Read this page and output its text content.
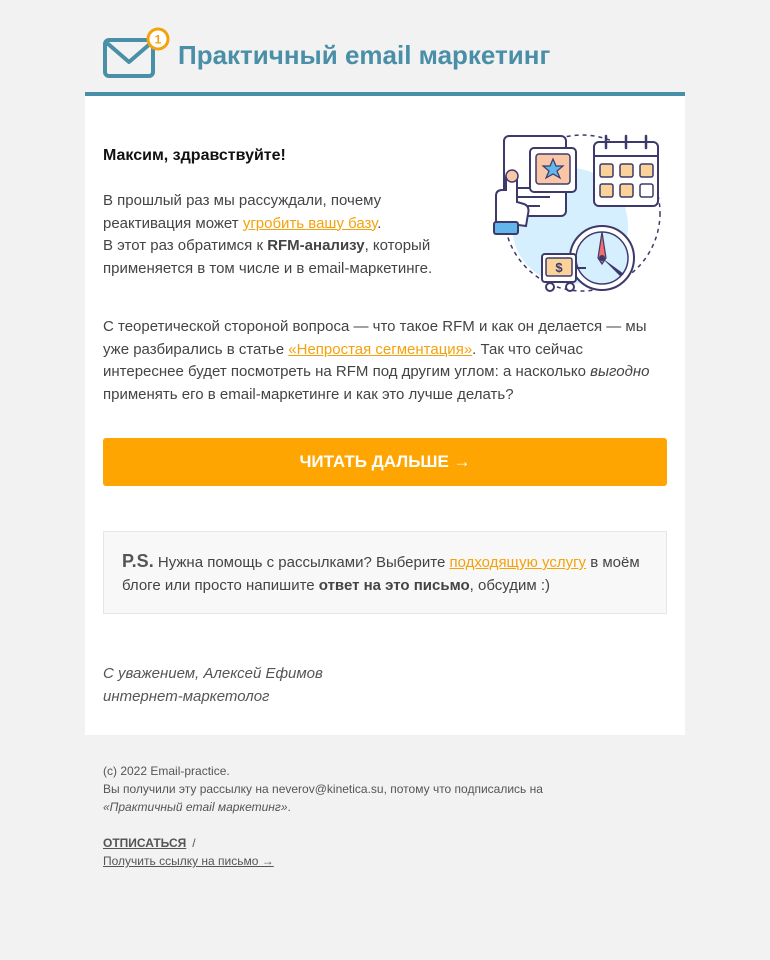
1
Практичный email маркетинг
Максим, здравствуйте!
В прошлый раз мы рассуждали, почему реактивация может угробить вашу базу.
В этот раз обратимся к RFM-анализу, который применяется в том числе и в email-маркетинге.	$
С теоретической стороной вопроса — что такое RFM и как он делается — мы уже разбирались в статье «Непростая сегментация». Так что сейчас интереснее будет посмотреть на RFM под другим углом: а насколько выгодно применять его в email-маркетинге и как это лучше делать?
ЧИТАТЬ ДАЛЬШЕ →
P.S. Нужна помощь с рассылками? Выберите подходящую услугу в моём блоге или просто напишите ответ на это письмо, обсудим :)
С уважением, Алексей Ефимов
интернет-маркетолог
(c) 2022 Email-practice.
Вы получили эту рассылку на neverov@kinetica.su, потому что подписались на
«Практичный email маркетинг».
ОТПИСАТЬСЯ /
Получить ссылку на письмо →
